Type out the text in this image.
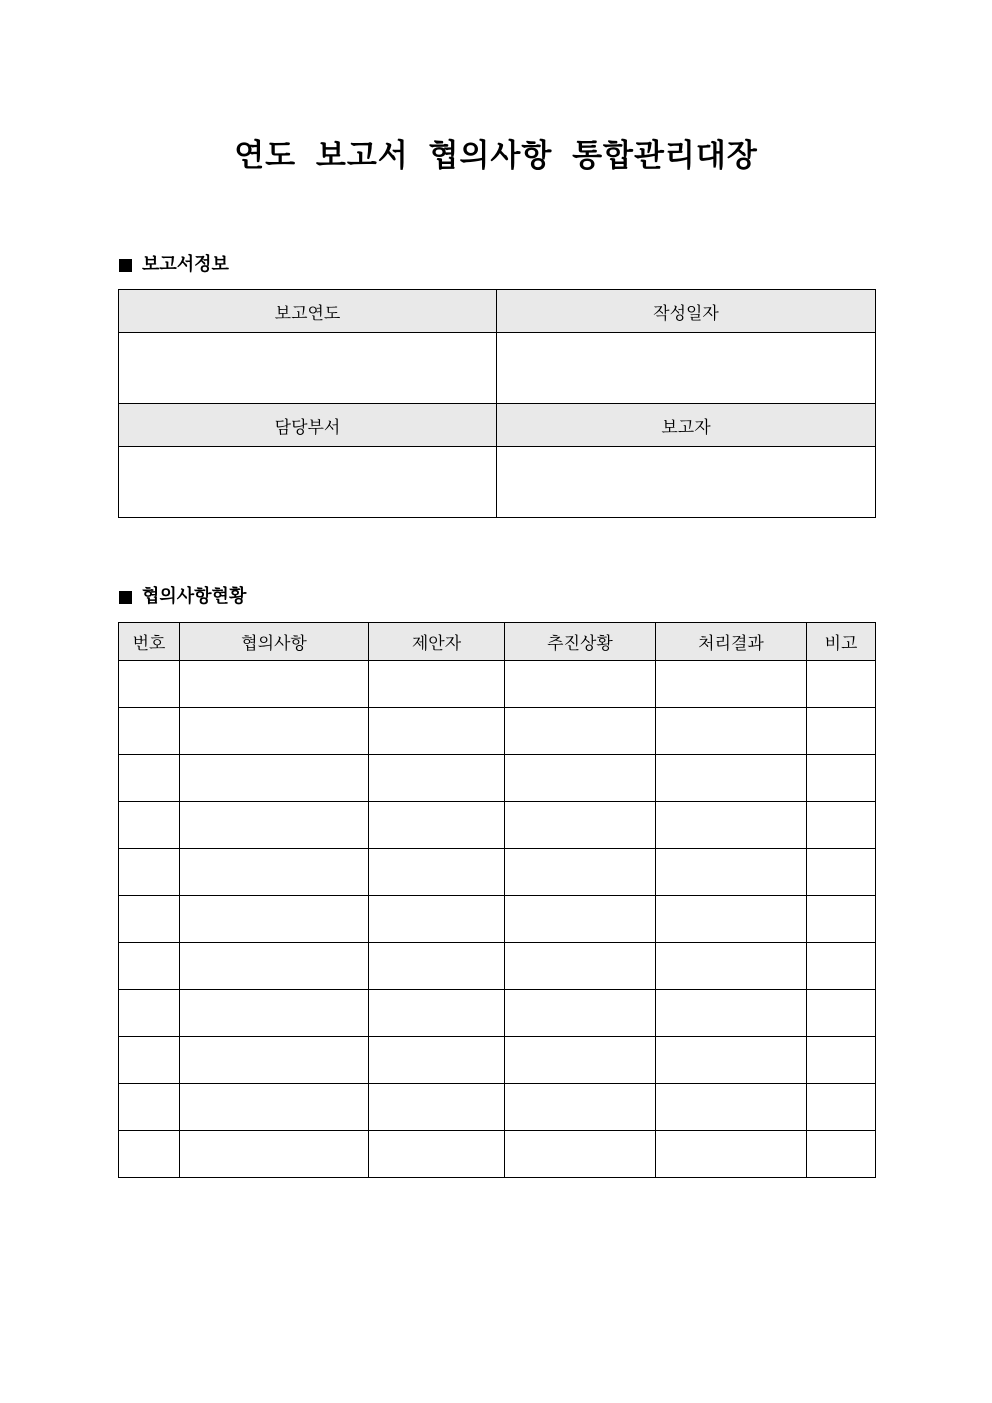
연도 보고서 협의사항 통합관리대장
보고서정보
보고연도	작성일자

담당부서	보고자

협의사항현황
번호	협의사항	제안자	추진상황	처리결과	비고
